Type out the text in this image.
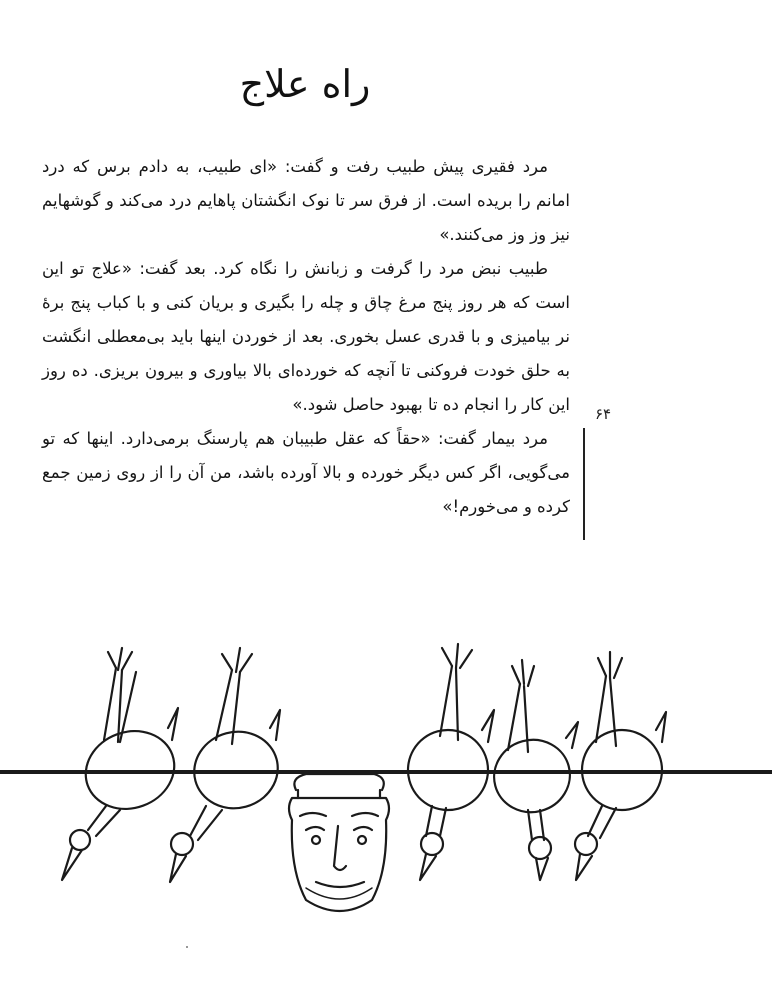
راه علاج

مرد فقیری پیش طبیب رفت و گفت: «ای طبیب، به دادم برس که درد امانم را بریده است. از فرق سر تا نوک انگشتان پاهایم درد می‌کند و گوشهایم نیز وز وز می‌کنند.»

طبیب نبض مرد را گرفت و زبانش را نگاه کرد. بعد گفت: «علاج تو این است که هر روز پنج مرغ چاق و چله را بگیری و بریان کنی و با کباب پنج برهٔ نر بیامیزی و با قدری عسل بخوری. بعد از خوردن اینها باید بی‌معطلی انگشت به حلق خودت فروکنی تا آنچه که خورده‌ای بالا بیاوری و بیرون بریزی. ده روز این کار را انجام ده تا بهبود حاصل شود.»

مرد بیمار گفت: «حقاً که عقل طبیبان هم پارسنگ برمی‌دارد. اینها که تو می‌گویی، اگر کس دیگر خورده و بالا آورده باشد، من آن را از روی زمین جمع کرده و می‌خورم!»

۶۴
